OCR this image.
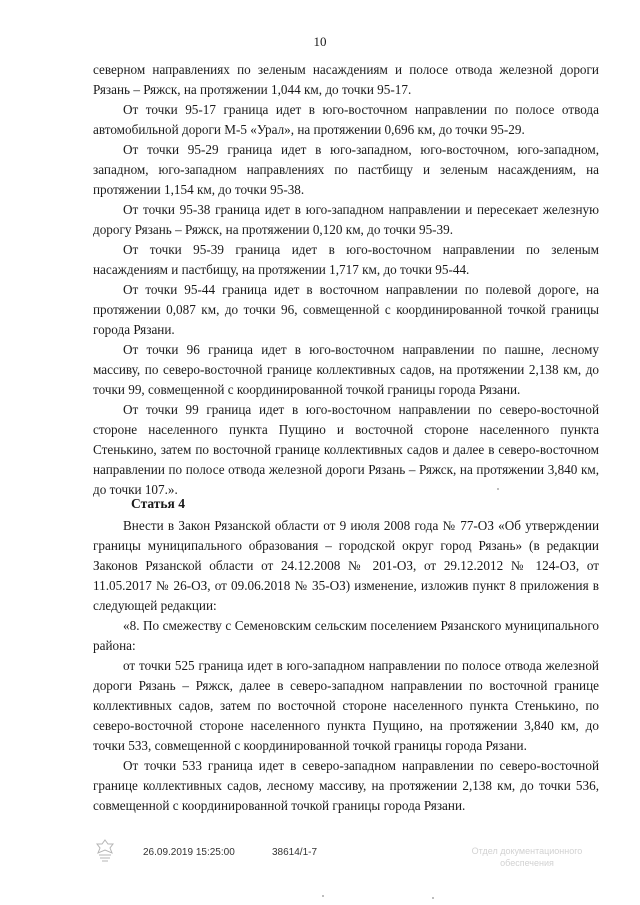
10

северном направлениях по зеленым насаждениям и полосе отвода железной дороги Рязань – Ряжск, на протяжении 1,044 км, до точки 95-17.

От точки 95-17 граница идет в юго-восточном направлении по полосе отвода автомобильной дороги М-5 «Урал», на протяжении 0,696 км, до точки 95-29.

От точки 95-29 граница идет в юго-западном, юго-восточном, юго-западном, западном, юго-западном направлениях по пастбищу и зеленым насаждениям, на протяжении 1,154 км, до точки 95-38.

От точки 95-38 граница идет в юго-западном направлении и пересекает железную дорогу Рязань – Ряжск, на протяжении 0,120 км, до точки 95-39.

От точки 95-39 граница идет в юго-восточном направлении по зеленым насаждениям и пастбищу, на протяжении 1,717 км, до точки 95-44.

От точки 95-44 граница идет в восточном направлении по полевой дороге, на протяжении 0,087 км, до точки 96, совмещенной с координированной точкой границы города Рязани.

От точки 96 граница идет в юго-восточном направлении по пашне, лесному массиву, по северо-восточной границе коллективных садов, на протяжении 2,138 км, до точки 99, совмещенной с координированной точкой границы города Рязани.

От точки 99 граница идет в юго-восточном направлении по северо-восточной стороне населенного пункта Пущино и восточной стороне населенного пункта Стенькино, затем по восточной границе коллективных садов и далее в северо-восточном направлении по полосе отвода железной дороги Рязань – Ряжск, на протяжении 3,840 км, до точки 107.».

Статья 4

Внести в Закон Рязанской области от 9 июля 2008 года № 77-ОЗ «Об утверждении границы муниципального образования – городской округ город Рязань» (в редакции Законов Рязанской области от 24.12.2008 № 201-ОЗ, от 29.12.2012 № 124-ОЗ, от 11.05.2017 № 26-ОЗ, от 09.06.2018 № 35-ОЗ) изменение, изложив пункт 8 приложения в следующей редакции:

«8. По смежеству с Семеновским сельским поселением Рязанского муниципального района:

от точки 525 граница идет в юго-западном направлении по полосе отвода железной дороги Рязань – Ряжск, далее в северо-западном направлении по восточной границе коллективных садов, затем по восточной стороне населенного пункта Стенькино, по северо-восточной стороне населенного пункта Пущино, на протяжении 3,840 км, до точки 533, совмещенной с координированной точкой границы города Рязани.

От точки 533 граница идет в северо-западном направлении по северо-восточной границе коллективных садов, лесному массиву, на протяжении 2,138 км, до точки 536, совмещенной с координированной точкой границы города Рязани.

26.09.2019 15:25:00	38614/1-7	Отдел документационного
обеспечения
